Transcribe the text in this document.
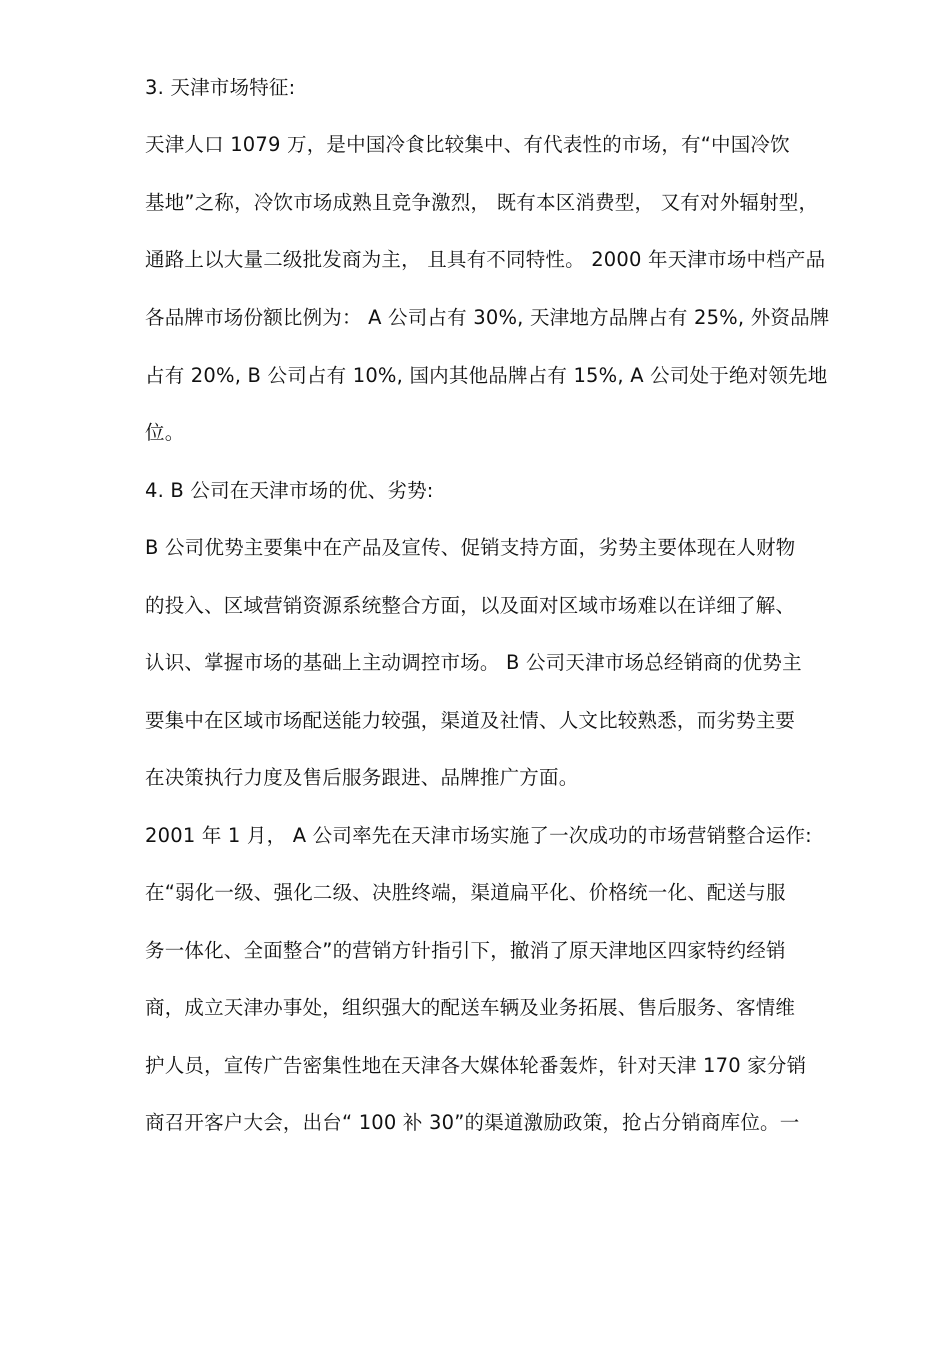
3. 天津市场特征:
天津人口 1079 万，是中国冷食比较集中、有代表性的市场，有“中国冷饮
基地”之称，冷饮市场成熟且竞争激烈， 既有本区消费型， 又有对外辐射型，
通路上以大量二级批发商为主， 且具有不同特性。 2000 年天津市场中档产品
各品牌市场份额比例为： A 公司占有 30%, 天津地方品牌占有 25%, 外资品牌
占有 20%, B 公司占有 10%, 国内其他品牌占有 15%, A 公司处于绝对领先地
位。
4. B 公司在天津市场的优、劣势:
B 公司优势主要集中在产品及宣传、促销支持方面，劣势主要体现在人财物
的投入、区域营销资源系统整合方面，以及面对区域市场难以在详细了解、
认识、掌握市场的基础上主动调控市场。 B 公司天津市场总经销商的优势主
要集中在区域市场配送能力较强，渠道及社情、人文比较熟悉，而劣势主要
在决策执行力度及售后服务跟进、品牌推广方面。
2001 年 1 月， A 公司率先在天津市场实施了一次成功的市场营销整合运作:
在“弱化一级、强化二级、决胜终端，渠道扁平化、价格统一化、配送与服
务一体化、全面整合”的营销方针指引下，撤消了原天津地区四家特约经销
商，成立天津办事处，组织强大的配送车辆及业务拓展、售后服务、客情维
护人员，宣传广告密集性地在天津各大媒体轮番轰炸，针对天津 170 家分销
商召开客户大会，出台“ 100 补 30”的渠道激励政策，抢占分销商库位。一
